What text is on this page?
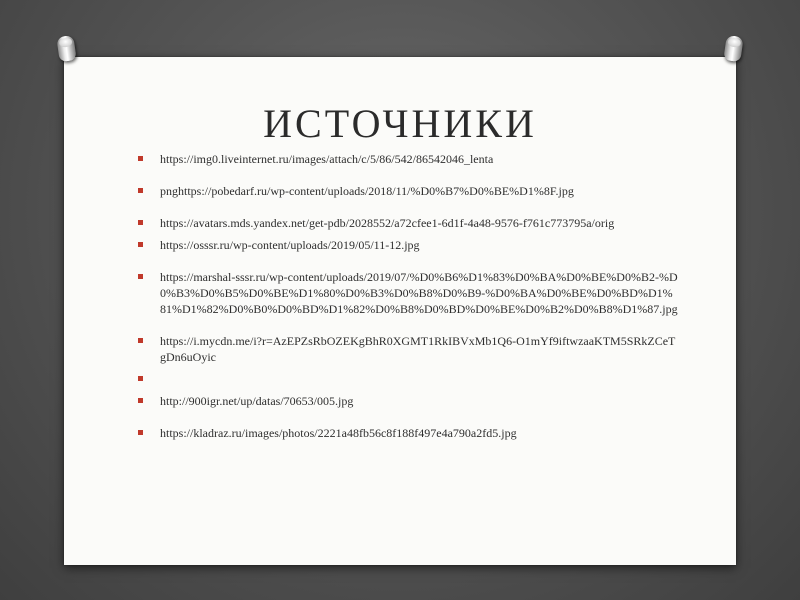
ИСТОЧНИКИ
https://img0.liveinternet.ru/images/attach/c/5/86/542/86542046_lenta
pnghttps://pobedarf.ru/wp-content/uploads/2018/11/%D0%B7%D0%BE%D1%8F.jpg
https://avatars.mds.yandex.net/get-pdb/2028552/a72cfee1-6d1f-4a48-9576-f761c773795a/orig
https://osssr.ru/wp-content/uploads/2019/05/11-12.jpg
https://marshal-sssr.ru/wp-content/uploads/2019/07/%D0%B6%D1%83%D0%BA%D0%BE%D0%B2-%D0%B3%D0%B5%D0%BE%D1%80%D0%B3%D0%B8%D0%B9-%D0%BA%D0%BE%D0%BD%D1%81%D1%82%D0%B0%D0%BD%D1%82%D0%B8%D0%BD%D0%BE%D0%B2%D0%B8%D1%87.jpg
https://i.mycdn.me/i?r=AzEPZsRbOZEKgBhR0XGMT1RkIBVxMb1Q6-O1mYf9iftwzaaKTM5SRkZCeTgDn6uOyic
http://900igr.net/up/datas/70653/005.jpg
https://kladraz.ru/images/photos/2221a48fb56c8f188f497e4a790a2fd5.jpg
